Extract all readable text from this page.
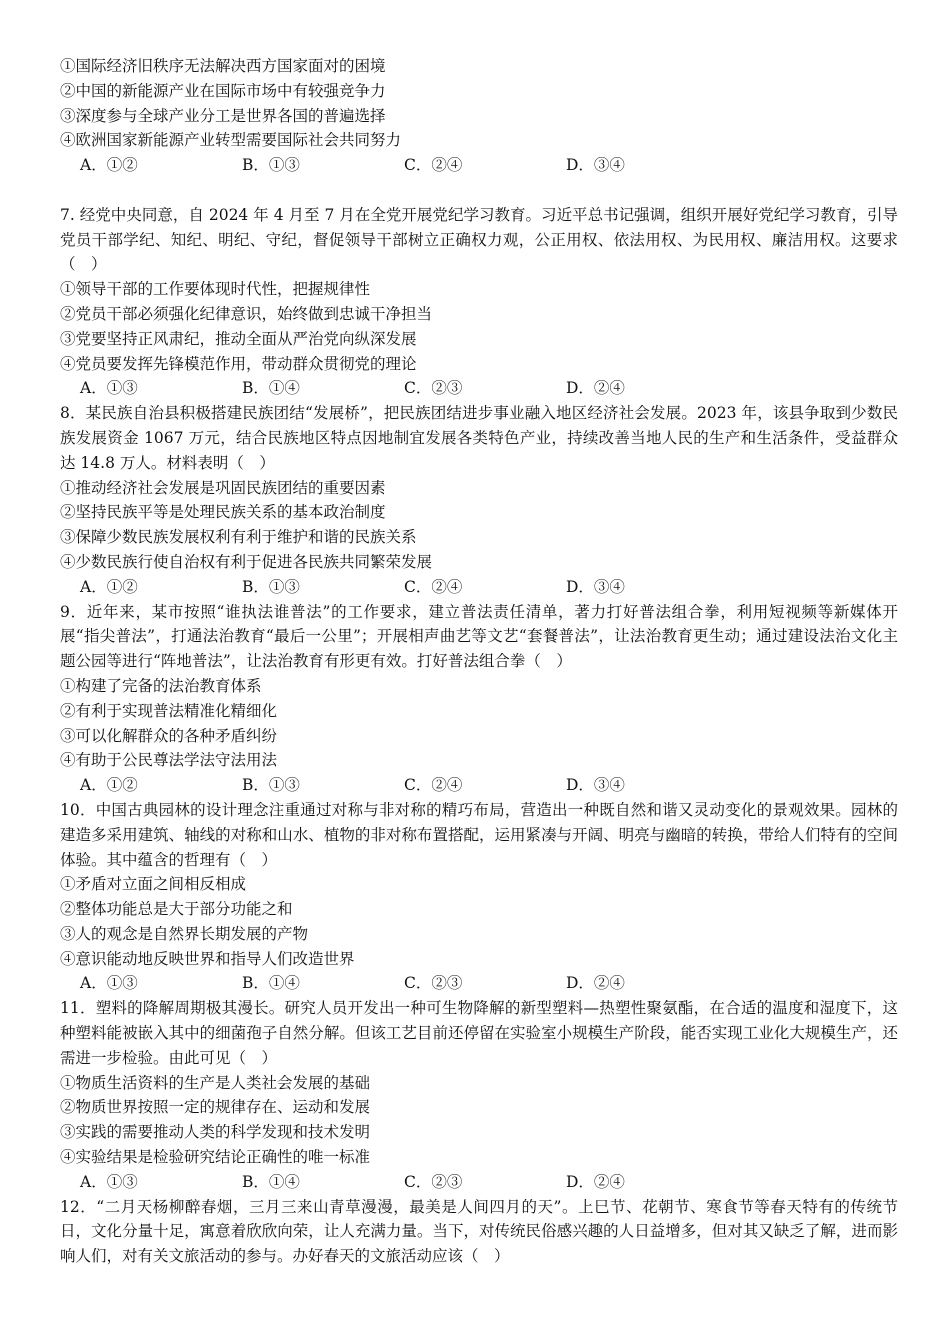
①国际经济旧秩序无法解决西方国家面对的困境
②中国的新能源产业在国际市场中有较强竞争力
③深度参与全球产业分工是世界各国的普遍选择
④欧洲国家新能源产业转型需要国际社会共同努力
A．①②	B．①③	C．②④	D．③④
7. 经党中央同意，自 2024 年 4 月至 7 月在全党开展党纪学习教育。习近平总书记强调，组织开展好党纪学习教育，引导党员干部学纪、知纪、明纪、守纪，督促领导干部树立正确权力观，公正用权、依法用权、为民用权、廉洁用权。这要求（　）
①领导干部的工作要体现时代性，把握规律性
②党员干部必须强化纪律意识，始终做到忠诚干净担当
③党要坚持正风肃纪，推动全面从严治党向纵深发展
④党员要发挥先锋模范作用，带动群众贯彻党的理论
A．①③	B．①④	C．②③	D．②④
8．某民族自治县积极搭建民族团结“发展桥”，把民族团结进步事业融入地区经济社会发展。2023 年，该县争取到少数民族发展资金 1067 万元，结合民族地区特点因地制宜发展各类特色产业，持续改善当地人民的生产和生活条件，受益群众达 14.8 万人。材料表明（　）
①推动经济社会发展是巩固民族团结的重要因素
②坚持民族平等是处理民族关系的基本政治制度
③保障少数民族发展权利有利于维护和谐的民族关系
④少数民族行使自治权有利于促进各民族共同繁荣发展
A．①②	B．①③	C．②④	D．③④
9．近年来，某市按照“谁执法谁普法”的工作要求，建立普法责任清单，著力打好普法组合拳，利用短视频等新媒体开展“指尖普法”，打通法治教育“最后一公里”；开展相声曲艺等文艺“套餐普法”，让法治教育更生动；通过建设法治文化主题公园等进行“阵地普法”，让法治教育有形更有效。打好普法组合拳（　）
①构建了完备的法治教育体系
②有利于实现普法精准化精细化
③可以化解群众的各种矛盾纠纷
④有助于公民尊法学法守法用法
A．①②	B．①③	C．②④	D．③④
10．中国古典园林的设计理念注重通过对称与非对称的精巧布局，营造出一种既自然和谐又灵动变化的景观效果。园林的建造多采用建筑、轴线的对称和山水、植物的非对称布置搭配，运用紧凑与开阔、明亮与幽暗的转换，带给人们特有的空间体验。其中蕴含的哲理有（　）
①矛盾对立面之间相反相成
②整体功能总是大于部分功能之和
③人的观念是自然界长期发展的产物
④意识能动地反映世界和指导人们改造世界
A．①③	B．①④	C．②③	D．②④
11．塑料的降解周期极其漫长。研究人员开发出一种可生物降解的新型塑料—热塑性聚氨酯，在合适的温度和湿度下，这种塑料能被嵌入其中的细菌孢子自然分解。但该工艺目前还停留在实验室小规模生产阶段，能否实现工业化大规模生产，还需进一步检验。由此可见（　）
①物质生活资料的生产是人类社会发展的基础
②物质世界按照一定的规律存在、运动和发展
③实践的需要推动人类的科学发现和技术发明
④实验结果是检验研究结论正确性的唯一标准
A．①③	B．①④	C．②③	D．②④
12．“二月天杨柳醉春烟，三月三来山青草漫漫，最美是人间四月的天”。上巳节、花朝节、寒食节等春天特有的传统节日，文化分量十足，寓意着欣欣向荣，让人充满力量。当下，对传统民俗感兴趣的人日益增多，但对其又缺乏了解，进而影响人们，对有关文旅活动的参与。办好春天的文旅活动应该（　）
